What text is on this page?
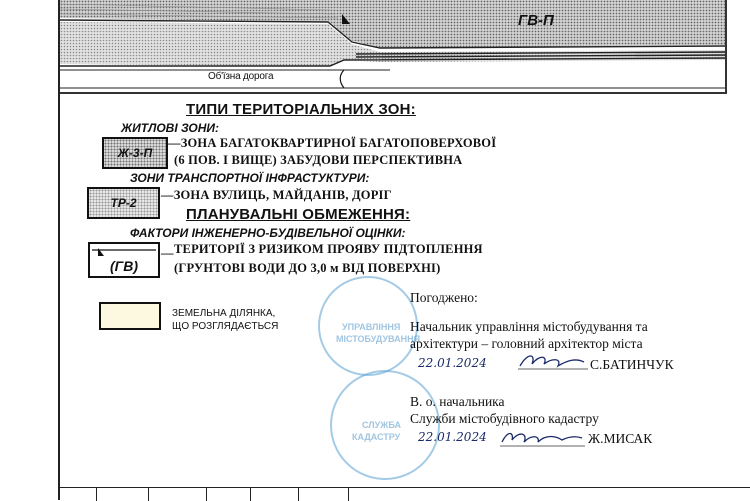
ГВ-П
Об'їзна дорога
ТИПИ ТЕРИТОРІАЛЬНИХ ЗОН:
ЖИТЛОВІ ЗОНИ:
Ж-3-П
—ЗОНА БАГАТОКВАРТИРНОЇ БАГАТОПОВЕРХОВОЇ
(6 ПОВ. І ВИЩЕ) ЗАБУДОВИ ПЕРСПЕКТИВНА
ЗОНИ ТРАНСПОРТНОЇ ІНФРАСТУКТУРИ:
ТР-2
—ЗОНА ВУЛИЦЬ, МАЙДАНІВ, ДОРІГ
ПЛАНУВАЛЬНІ ОБМЕЖЕННЯ:
ФАКТОРИ ІНЖЕНЕРНО-БУДІВЕЛЬНОЇ ОЦІНКИ:
(ГВ)
— ТЕРИТОРІЇ З РИЗИКОМ ПРОЯВУ ПІДТОПЛЕННЯ
(ГРУНТОВІ ВОДИ ДО 3,0 м ВІД ПОВЕРХНІ)
ЗЕМЕЛЬНА ДІЛЯНКА,
ЩО РОЗГЛЯДАЄТЬСЯ	УПРАВЛІННЯ
МІСТОБУДУВАННЯ
СЛУЖБА
КАДАСТРУ
Погоджено:
Начальник управління містобудування та
архітектури – головний архітектор міста
22.01.2024	С.БАТИНЧУК
В. о. начальника
Служби містобудівного кадастру
22.01.2024	Ж.МИСАК
